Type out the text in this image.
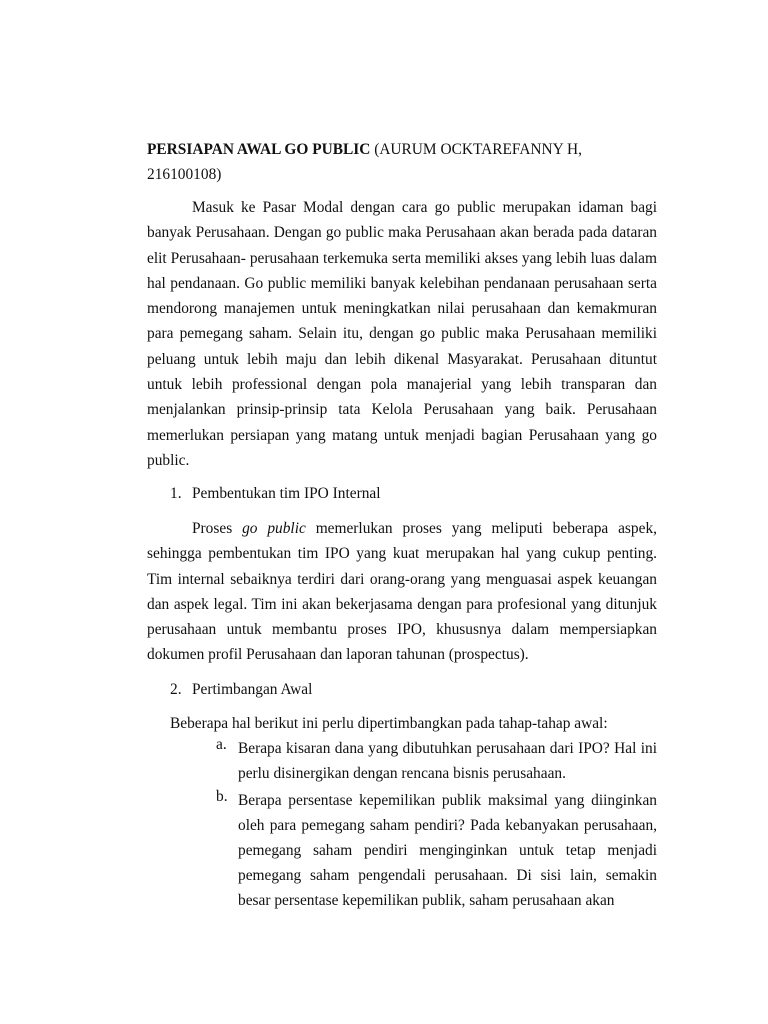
PERSIAPAN AWAL GO PUBLIC (AURUM OCKTAREFANNY H, 216100108)

Masuk ke Pasar Modal dengan cara go public merupakan idaman bagi banyak Perusahaan. Dengan go public maka Perusahaan akan berada pada dataran elit Perusahaan- perusahaan terkemuka serta memiliki akses yang lebih luas dalam hal pendanaan. Go public memiliki banyak kelebihan pendanaan perusahaan serta mendorong manajemen untuk meningkatkan nilai perusahaan dan kemakmuran para pemegang saham. Selain itu, dengan go public maka Perusahaan memiliki peluang untuk lebih maju dan lebih dikenal Masyarakat. Perusahaan dituntut untuk lebih professional dengan pola manajerial yang lebih transparan dan menjalankan prinsip-prinsip tata Kelola Perusahaan yang baik. Perusahaan memerlukan persiapan yang matang untuk menjadi bagian Perusahaan yang go public.

1. Pembentukan tim IPO Internal

Proses go public memerlukan proses yang meliputi beberapa aspek, sehingga pembentukan tim IPO yang kuat merupakan hal yang cukup penting. Tim internal sebaiknya terdiri dari orang-orang yang menguasai aspek keuangan dan aspek legal. Tim ini akan bekerjasama dengan para profesional yang ditunjuk perusahaan untuk membantu proses IPO, khususnya dalam mempersiapkan dokumen profil Perusahaan dan laporan tahunan (prospectus).

2. Pertimbangan Awal

Beberapa hal berikut ini perlu dipertimbangkan pada tahap-tahap awal:

a. Berapa kisaran dana yang dibutuhkan perusahaan dari IPO? Hal ini perlu disinergikan dengan rencana bisnis perusahaan.
b. Berapa persentase kepemilikan publik maksimal yang diinginkan oleh para pemegang saham pendiri? Pada kebanyakan perusahaan, pemegang saham pendiri menginginkan untuk tetap menjadi pemegang saham pengendali perusahaan. Di sisi lain, semakin besar persentase kepemilikan publik, saham perusahaan akan
